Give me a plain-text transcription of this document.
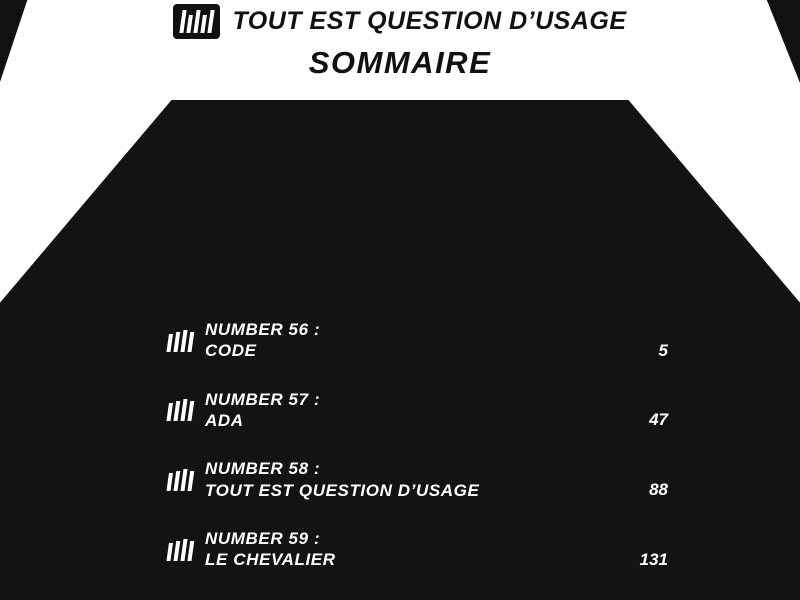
TOUT EST QUESTION D’USAGE
SOMMAIRE
NUMBER 56 :
CODE	5
NUMBER 57 :
ADA	47
NUMBER 58 :
TOUT EST QUESTION D’USAGE	88
NUMBER 59 :
LE CHEVALIER	131
